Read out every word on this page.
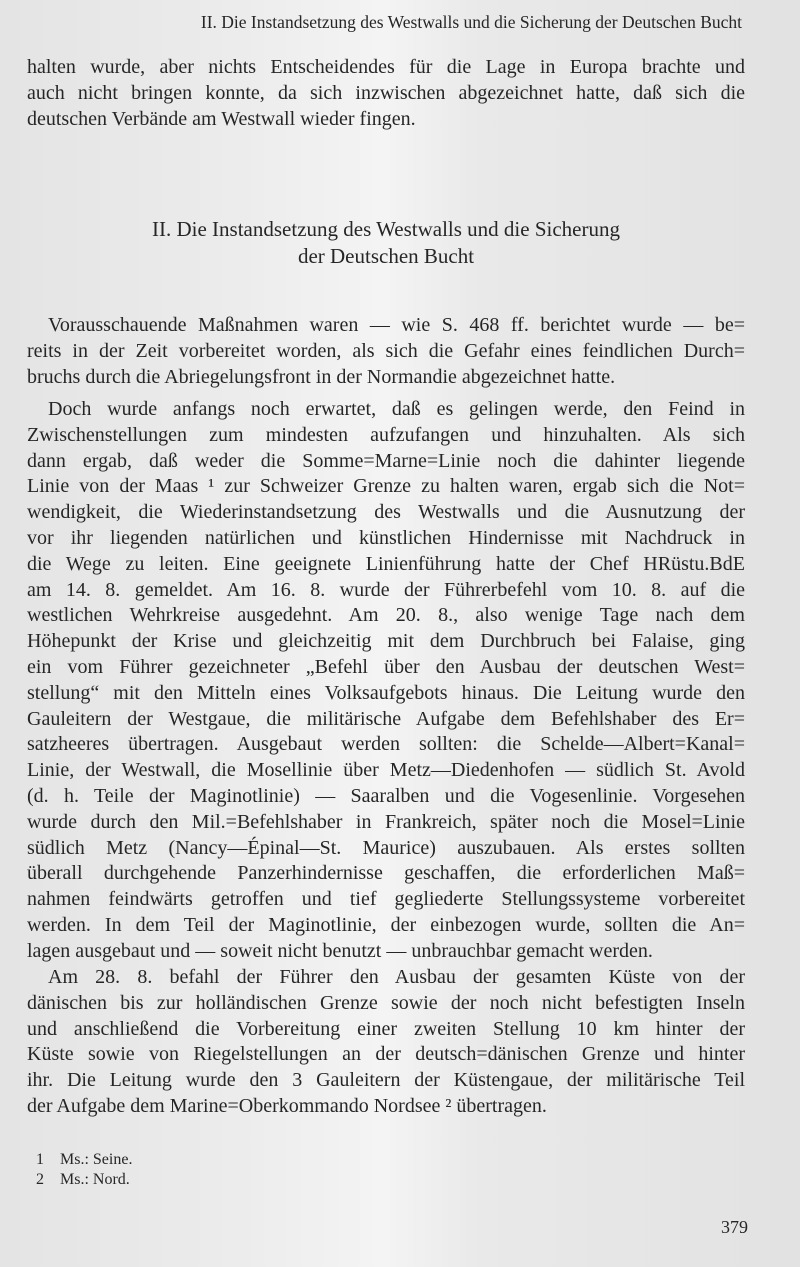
II. Die Instandsetzung des Westwalls und die Sicherung der Deutschen Bucht
halten wurde, aber nichts Entscheidendes für die Lage in Europa brachte und
auch nicht bringen konnte, da sich inzwischen abgezeichnet hatte, daß sich die
deutschen Verbände am Westwall wieder fingen.
II. Die Instandsetzung des Westwalls und die Sicherung
der Deutschen Bucht
Vorausschauende Maßnahmen waren — wie S. 468 ff. berichtet wurde — be=
reits in der Zeit vorbereitet worden, als sich die Gefahr eines feindlichen Durch=
bruchs durch die Abriegelungsfront in der Normandie abgezeichnet hatte.
Doch wurde anfangs noch erwartet, daß es gelingen werde, den Feind in
Zwischenstellungen zum mindesten aufzufangen und hinzuhalten. Als sich
dann ergab, daß weder die Somme=Marne=Linie noch die dahinter liegende
Linie von der Maas ¹ zur Schweizer Grenze zu halten waren, ergab sich die Not=
wendigkeit, die Wiederinstandsetzung des Westwalls und die Ausnutzung der
vor ihr liegenden natürlichen und künstlichen Hindernisse mit Nachdruck in
die Wege zu leiten. Eine geeignete Linienführung hatte der Chef HRüstu.BdE
am 14. 8. gemeldet. Am 16. 8. wurde der Führerbefehl vom 10. 8. auf die
westlichen Wehrkreise ausgedehnt. Am 20. 8., also wenige Tage nach dem
Höhepunkt der Krise und gleichzeitig mit dem Durchbruch bei Falaise, ging
ein vom Führer gezeichneter „Befehl über den Ausbau der deutschen West=
stellung“ mit den Mitteln eines Volksaufgebots hinaus. Die Leitung wurde den
Gauleitern der Westgaue, die militärische Aufgabe dem Befehlshaber des Er=
satzheeres übertragen. Ausgebaut werden sollten: die Schelde—Albert=Kanal=
Linie, der Westwall, die Mosellinie über Metz—Diedenhofen — südlich St. Avold
(d. h. Teile der Maginotlinie) — Saaralben und die Vogesenlinie. Vorgesehen
wurde durch den Mil.=Befehlshaber in Frankreich, später noch die Mosel=Linie
südlich Metz (Nancy—Épinal—St. Maurice) auszubauen. Als erstes sollten
überall durchgehende Panzerhindernisse geschaffen, die erforderlichen Maß=
nahmen feindwärts getroffen und tief gegliederte Stellungssysteme vorbereitet
werden. In dem Teil der Maginotlinie, der einbezogen wurde, sollten die An=
lagen ausgebaut und — soweit nicht benutzt — unbrauchbar gemacht werden.
Am 28. 8. befahl der Führer den Ausbau der gesamten Küste von der
dänischen bis zur holländischen Grenze sowie der noch nicht befestigten Inseln
und anschließend die Vorbereitung einer zweiten Stellung 10 km hinter der
Küste sowie von Riegelstellungen an der deutsch=dänischen Grenze und hinter
ihr. Die Leitung wurde den 3 Gauleitern der Küstengaue, der militärische Teil
der Aufgabe dem Marine=Oberkommando Nordsee ² übertragen.
1 Ms.: Seine.
2 Ms.: Nord.
379
